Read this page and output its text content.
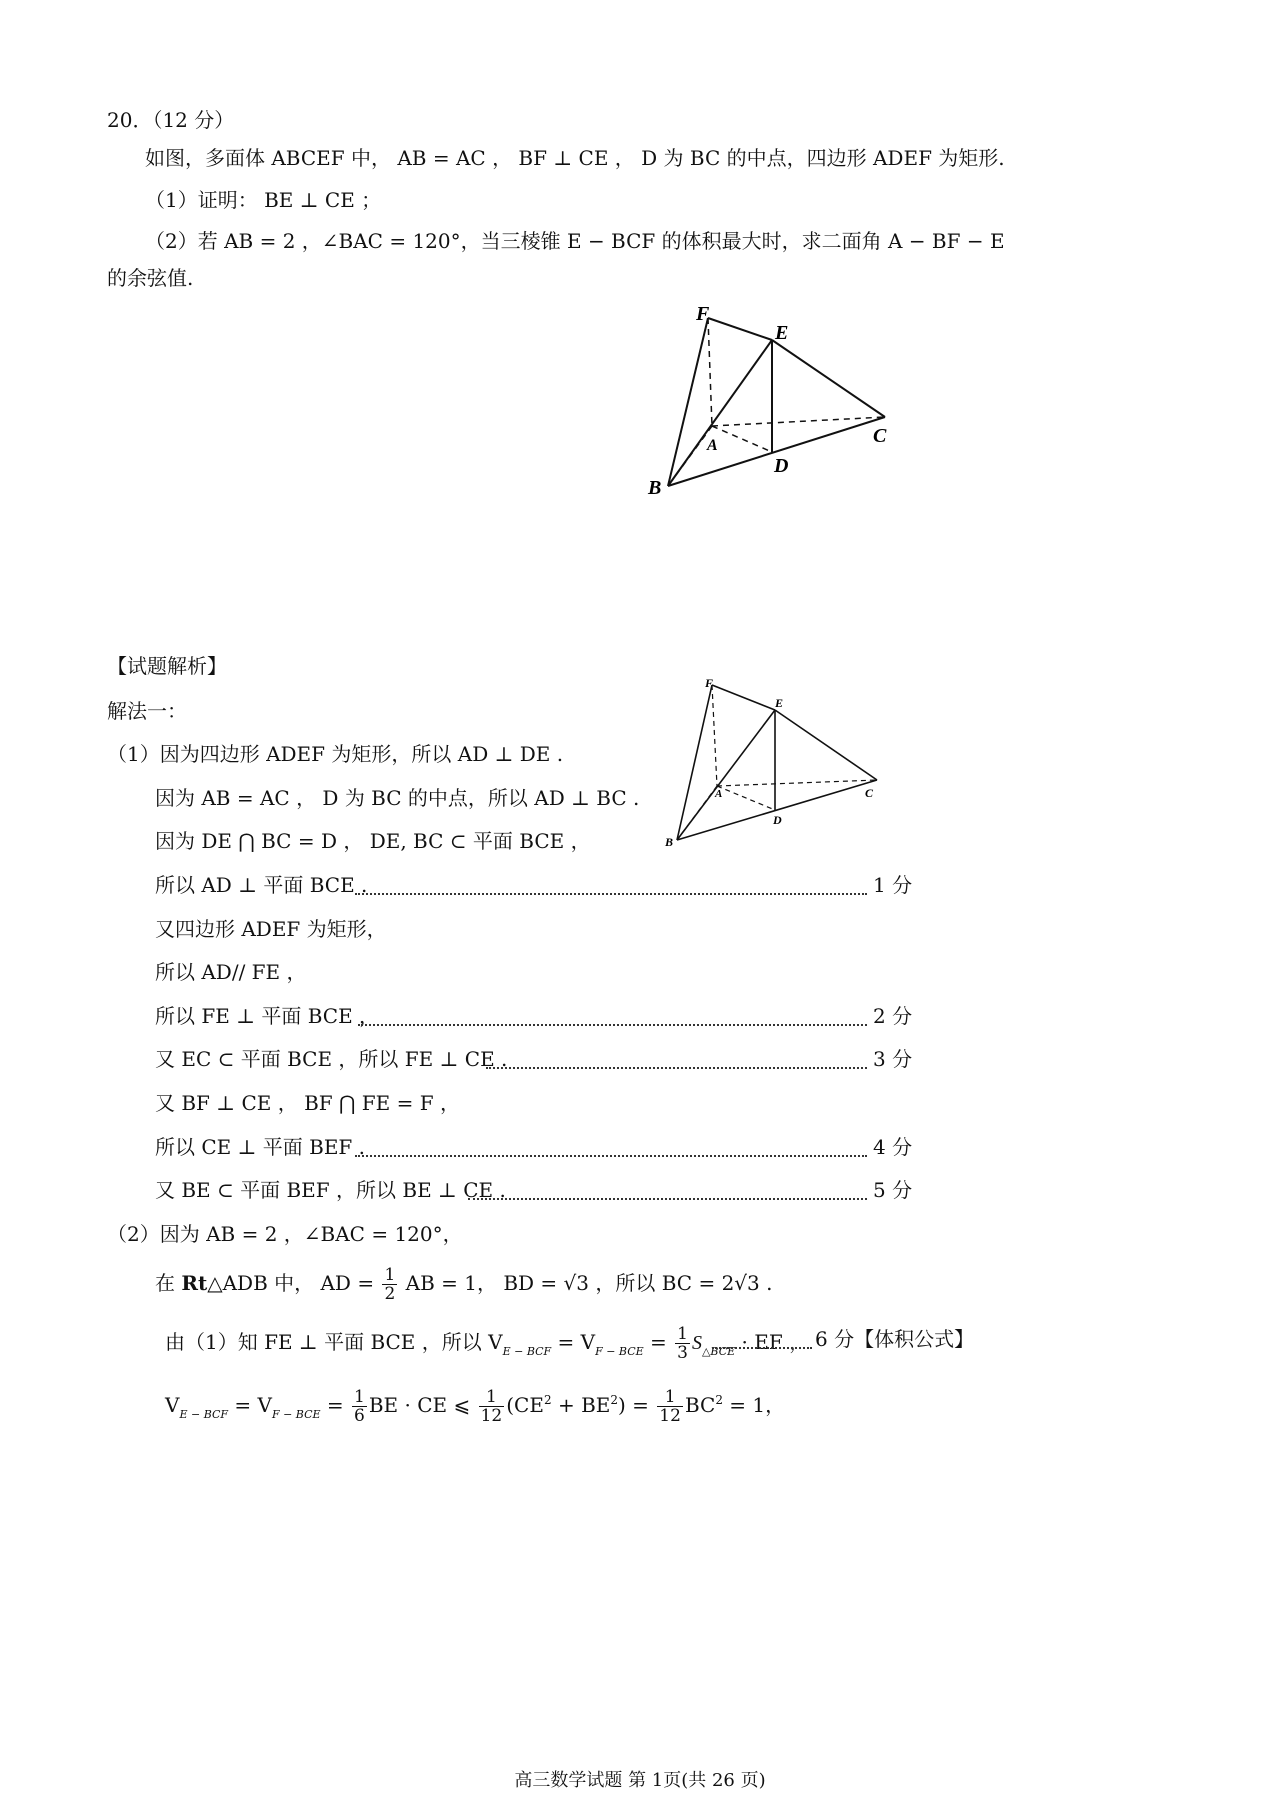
20．（12 分）
如图，多面体 ABCEF 中， AB = AC ， BF ⊥ CE ， D 为 BC 的中点，四边形 ADEF 为矩形.
（1）证明： BE ⊥ CE ；
（2）若 AB = 2 ，∠BAC = 120°，当三棱锥 E − BCF 的体积最大时，求二面角 A − BF − E
的余弦值.
F
E
A	C
D
B
【试题解析】
解法一：
F
E
A	C
D
B
（1）因为四边形 ADEF 为矩形，所以 AD ⊥ DE .
因为 AB = AC ， D 为 BC 的中点，所以 AD ⊥ BC .
因为 DE ⋂ BC = D ， DE, BC ⊂ 平面 BCE ，
所以 AD ⊥ 平面 BCE .	1 分
又四边形 ADEF 为矩形，
所以 AD// FE ，
所以 FE ⊥ 平面 BCE ，	2 分
又 EC ⊂ 平面 BCE ，所以 FE ⊥ CE .	3 分
又 BF ⊥ CE ， BF ⋂ FE = F ，
所以 CE ⊥ 平面 BEF .	4 分
又 BE ⊂ 平面 BEF ，所以 BE ⊥ CE .	5 分
（2）因为 AB = 2 ，∠BAC = 120°，
在 Rt△ADB 中， AD = $\frac{1}{2}$ AB = 1， BD = √3 ，所以 BC = 2√3 .
由（1）知 FE ⊥ 平面 BCE ，所以 $V_{E - BCF} = V_{F - BCE} = \frac{1}{3} S_{\triangle BCE}$ · EF ， 6 分【体积公式】
$V_{E - BCF} = V_{F - BCE} = \frac{1}{6}$ BE · CE ⩽ $\frac{1}{12} (CE^2 + BE^2) = \frac{1}{12} BC^2 = 1$，
高三数学试题 第 1页(共 26 页)
